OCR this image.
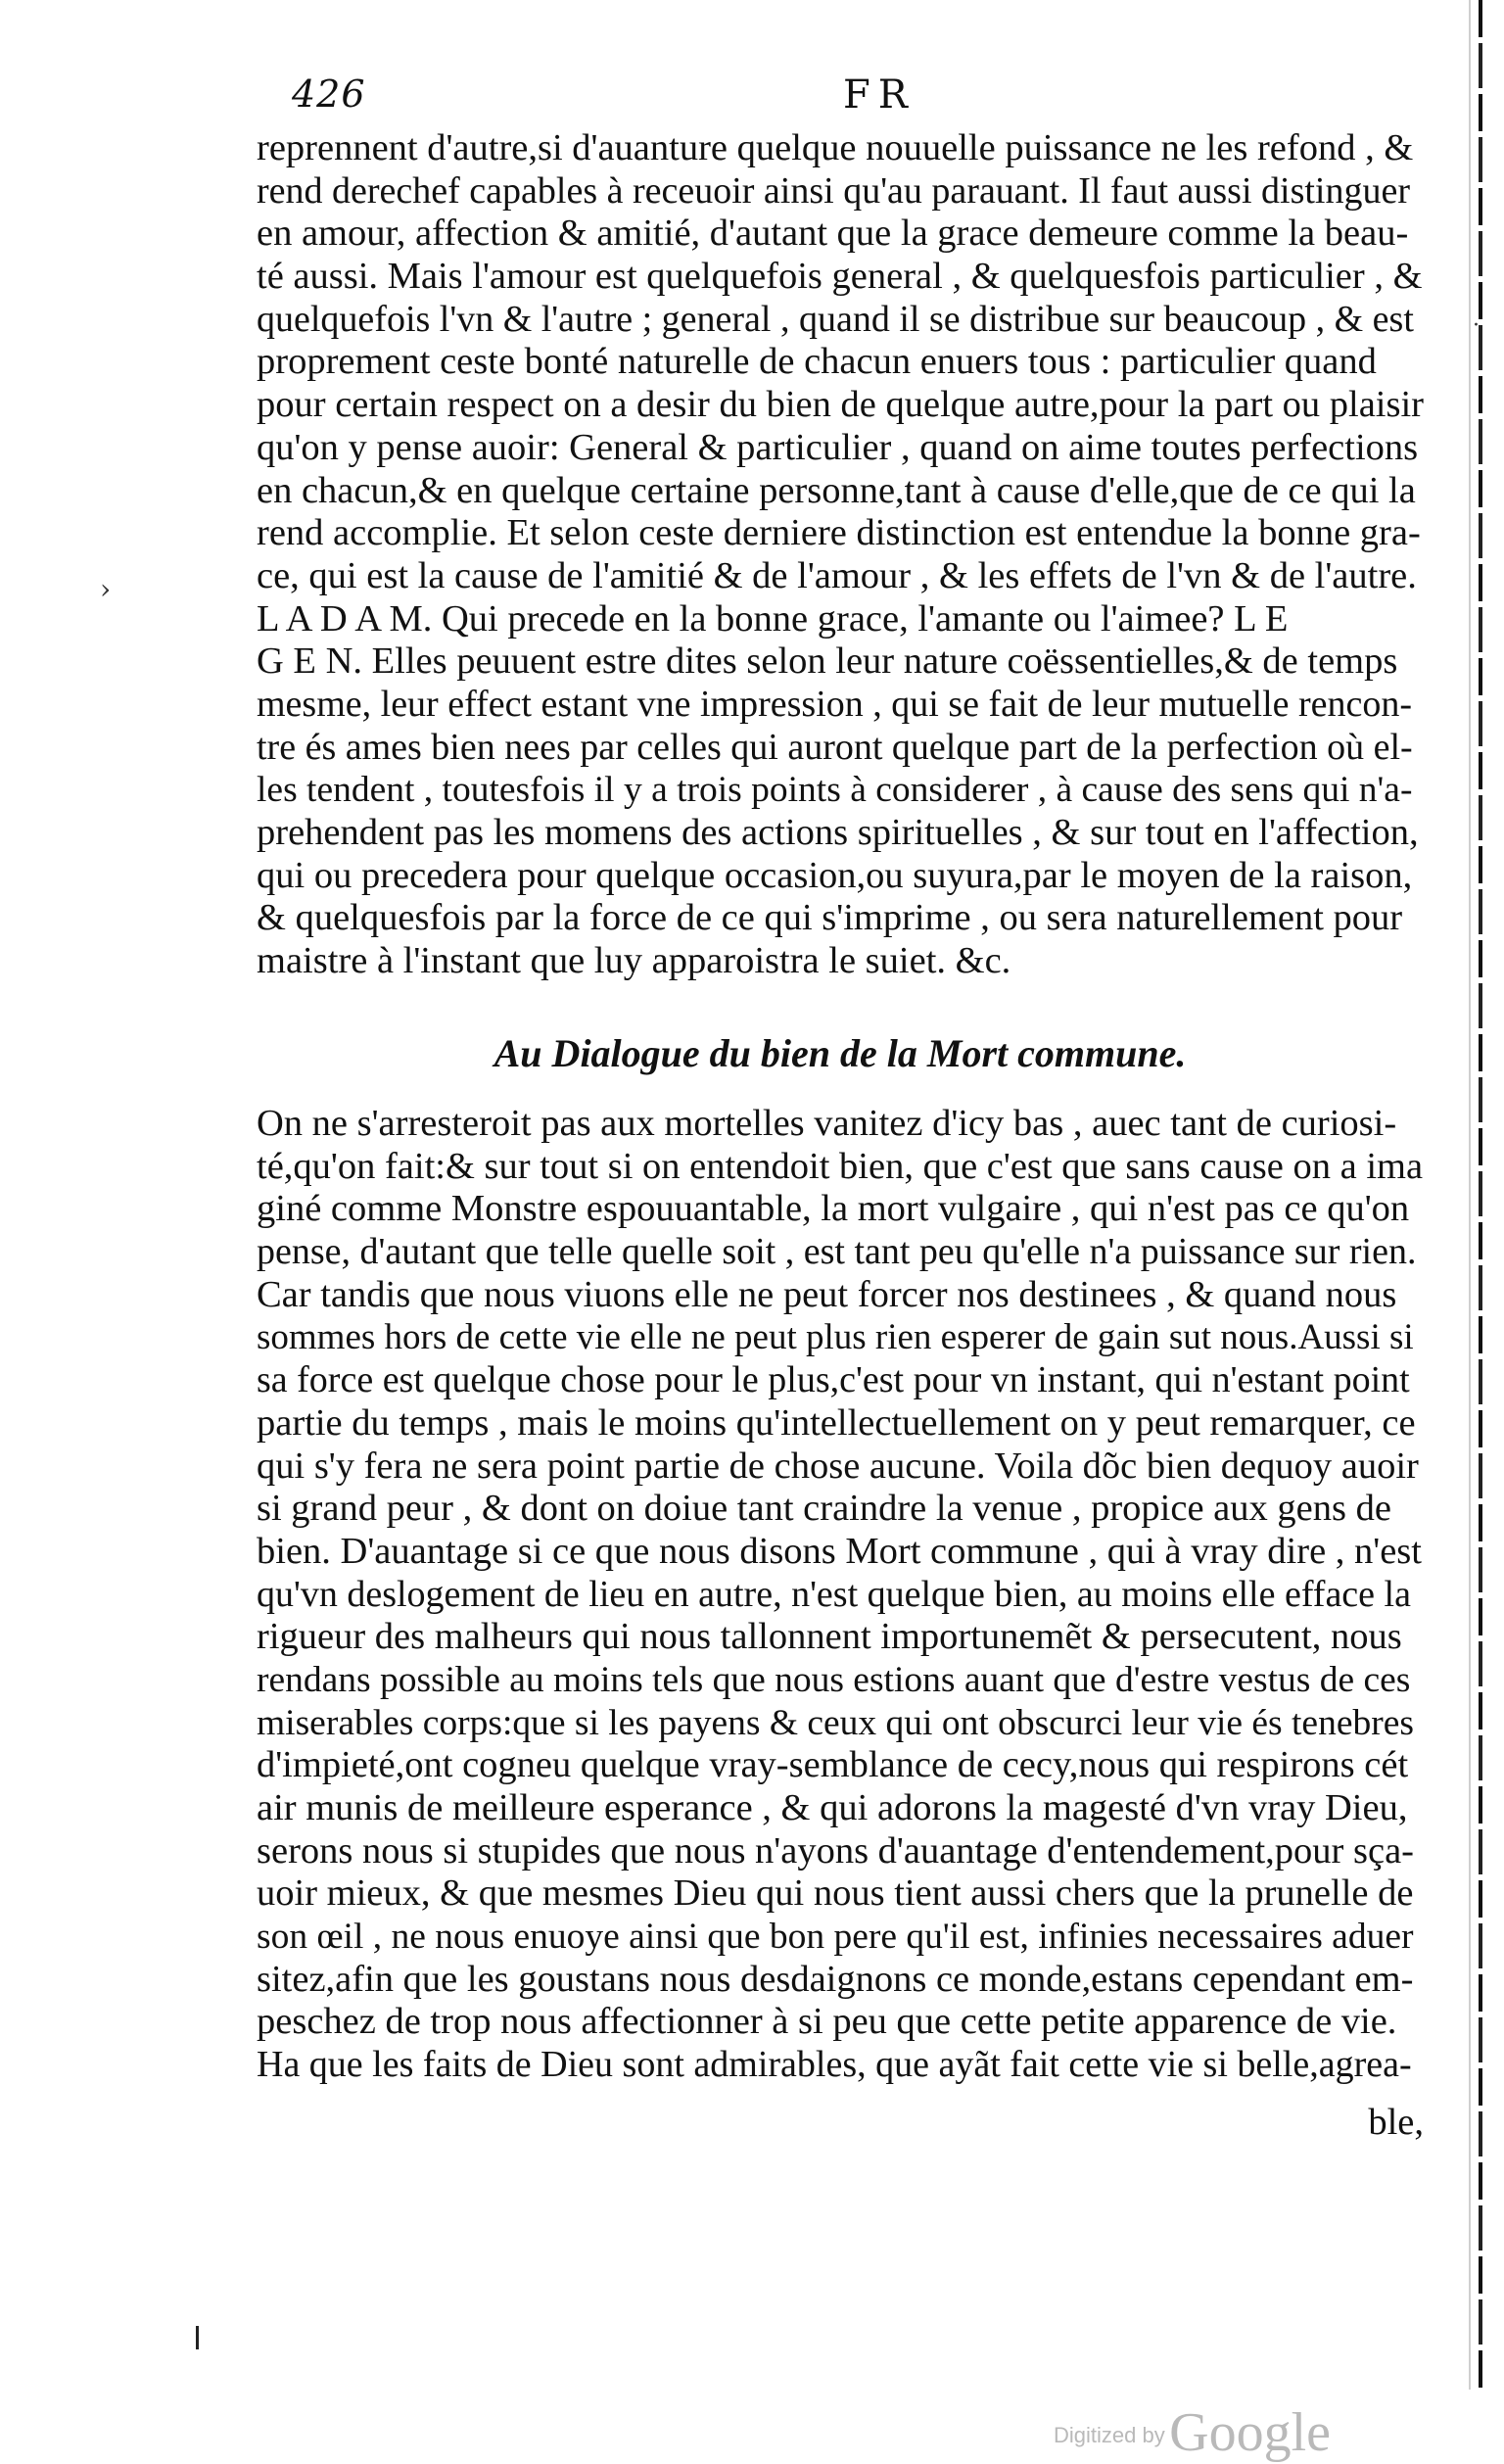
426	FR
reprennent d'autre,si d'auanture quelque nouuelle puissance ne les refond , &
rend derechef capables à receuoir ainsi qu'au parauant. Il faut aussi distinguer
en amour, affection & amitié, d'autant que la grace demeure comme la beau-
té aussi. Mais l'amour est quelquefois general , & quelquesfois particulier , &
quelquefois l'vn & l'autre ; general , quand il se distribue sur beaucoup , & est
proprement ceste bonté naturelle de chacun enuers tous : particulier quand
pour certain respect on a desir du bien de quelque autre,pour la part ou plaisir
qu'on y pense auoir: General & particulier , quand on aime toutes perfections
en chacun,& en quelque certaine personne,tant à cause d'elle,que de ce qui la
rend accomplie. Et selon ceste derniere distinction est entendue la bonne gra-
ce, qui est la cause de l'amitié & de l'amour , & les effets de l'vn & de l'autre.
L A D A M. Qui precede en la bonne grace, l'amante ou l'aimee? L E
G E N. Elles peuuent estre dites selon leur nature coëssentielles,& de temps
mesme, leur effect estant vne impression , qui se fait de leur mutuelle rencon-
tre és ames bien nees par celles qui auront quelque part de la perfection où el-
les tendent , toutesfois il y a trois points à considerer , à cause des sens qui n'a-
prehendent pas les momens des actions spirituelles , & sur tout en l'affection,
qui ou precedera pour quelque occasion,ou suyura,par le moyen de la raison,
& quelquesfois par la force de ce qui s'imprime , ou sera naturellement pour
maistre à l'instant que luy apparoistra le suiet. &c.
Au Dialogue du bien de la Mort commune.
On ne s'arresteroit pas aux mortelles vanitez d'icy bas , auec tant de curiosi-
té,qu'on fait:& sur tout si on entendoit bien, que c'est que sans cause on a ima
giné comme Monstre espouuantable, la mort vulgaire , qui n'est pas ce qu'on
pense, d'autant que telle quelle soit , est tant peu qu'elle n'a puissance sur rien.
Car tandis que nous viuons elle ne peut forcer nos destinees , & quand nous
sommes hors de cette vie elle ne peut plus rien esperer de gain sut nous.Aussi si
sa force est quelque chose pour le plus,c'est pour vn instant, qui n'estant point
partie du temps , mais le moins qu'intellectuellement on y peut remarquer, ce
qui s'y fera ne sera point partie de chose aucune. Voila dõc bien dequoy auoir
si grand peur , & dont on doiue tant craindre la venue , propice aux gens de
bien. D'auantage si ce que nous disons Mort commune , qui à vray dire , n'est
qu'vn deslogement de lieu en autre, n'est quelque bien, au moins elle efface la
rigueur des malheurs qui nous tallonnent importunemẽt & persecutent, nous
rendans possible au moins tels que nous estions auant que d'estre vestus de ces
miserables corps:que si les payens & ceux qui ont obscurci leur vie és tenebres
d'impieté,ont cogneu quelque vray-semblance de cecy,nous qui respirons cét
air munis de meilleure esperance , & qui adorons la magesté d'vn vray Dieu,
serons nous si stupides que nous n'ayons d'auantage d'entendement,pour sça-
uoir mieux, & que mesmes Dieu qui nous tient aussi chers que la prunelle de
son œil , ne nous enuoye ainsi que bon pere qu'il est, infinies necessaires aduer
sitez,afin que les goustans nous desdaignons ce monde,estans cependant em-
peschez de trop nous affectionner à si peu que cette petite apparence de vie.
Ha que les faits de Dieu sont admirables, que ayãt fait cette vie si belle,agrea-
ble,
›
·
Digitized by Google
